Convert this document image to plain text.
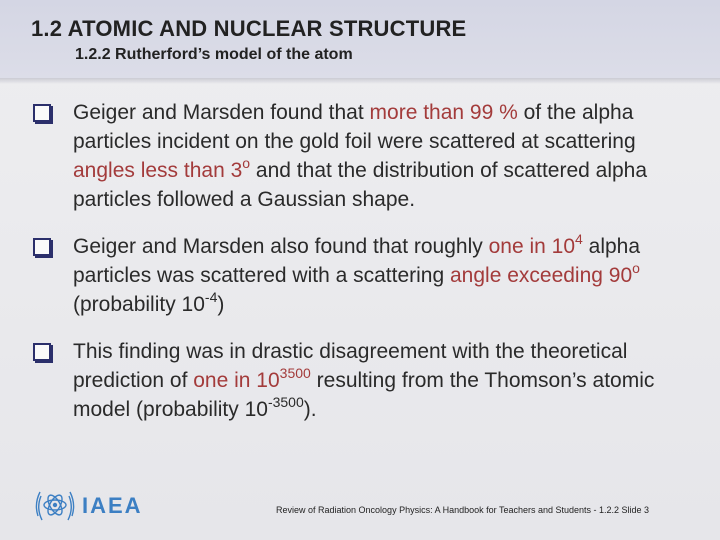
1.2 ATOMIC AND NUCLEAR STRUCTURE
1.2.2 Rutherford’s model of the atom
Geiger and Marsden found that more than 99 % of the alpha particles incident on the gold foil were scattered at scattering angles less than 3$^o$ and that the distribution of scattered alpha particles followed a Gaussian shape.
Geiger and Marsden also found that roughly one in $10^4$ alpha particles was scattered with a scattering angle exceeding 90$^o$ (probability $10^{-4}$)
This finding was in drastic disagreement with the theoretical prediction of one in $10^{3500}$ resulting from the Thomson’s atomic model (probability $10^{-3500}$).
IAEA	Review of Radiation Oncology Physics: A Handbook for Teachers and Students - 1.2.2 Slide 3
